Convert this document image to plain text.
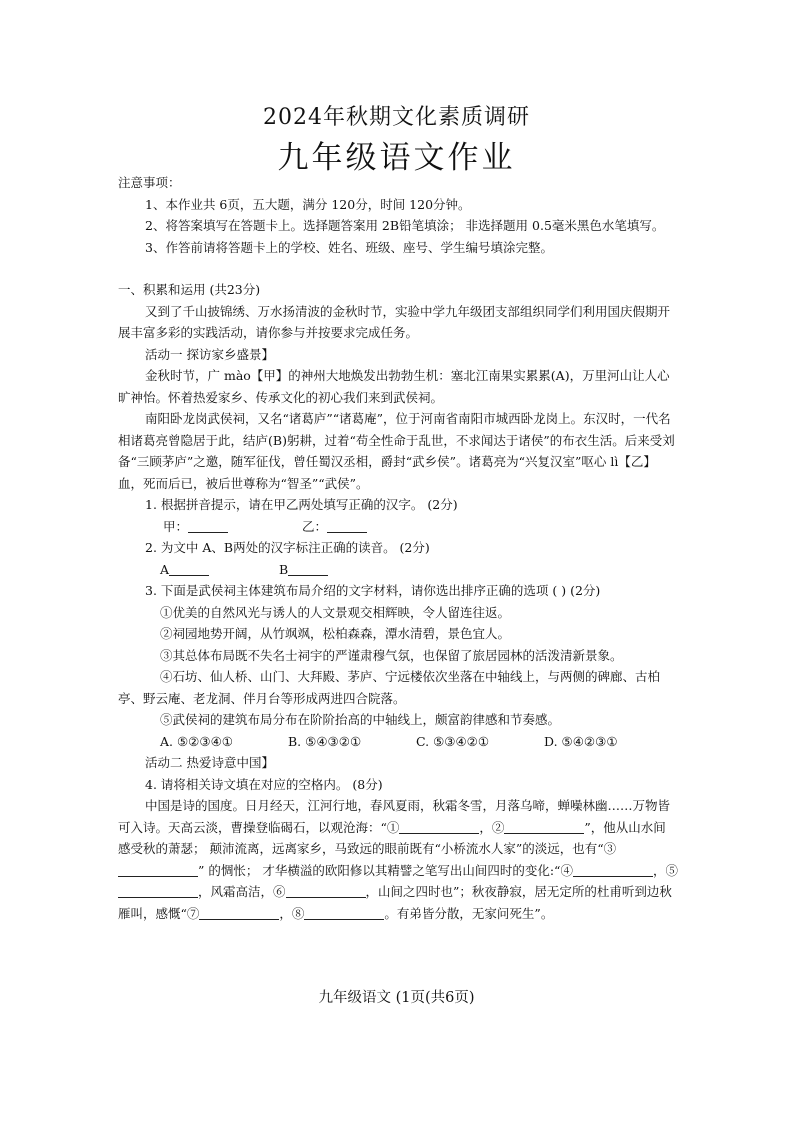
2024年秋期文化素质调研
九年级语文作业

注意事项：

1、本作业共 6页，五大题，满分 120分，时间 120分钟。

2、将答案填写在答题卡上。选择题答案用 2B铅笔填涂； 非选择题用 0.5毫米黑色水笔填写。

3、作答前请将答题卡上的学校、姓名、班级、座号、学生编号填涂完整。

一、积累和运用 (共23分)

又到了千山披锦绣、万水扬清波的金秋时节，实验中学九年级团支部组织同学们利用国庆假期开展丰富多彩的实践活动，请你参与并按要求完成任务。

活动一 探访家乡盛景】

金秋时节，广 mào【甲】的神州大地焕发出勃勃生机：塞北江南果实累累(A)，万里河山让人心旷神怡。怀着热爱家乡、传承文化的初心我们来到武侯祠。

南阳卧龙岗武侯祠，又名“诸葛庐”“诸葛庵”，位于河南省南阳市城西卧龙岗上。东汉时，一代名相诸葛亮曾隐居于此，结庐(B)躬耕，过着“苟全性命于乱世，不求闻达于诸侯”的布衣生活。后来受刘备“三顾茅庐”之邀，随军征伐，曾任蜀汉丞相，爵封“武乡侯”。诸葛亮为“兴复汉室”呕心 lì【乙】血，死而后已，被后世尊称为“智圣”“武侯”。

1. 根据拼音提示，请在甲乙两处填写正确的汉字。 (2分)

甲：	乙：

2. 为文中 A、B两处的汉字标注正确的读音。 (2分)

A	B

3. 下面是武侯祠主体建筑布局介绍的文字材料，请你选出排序正确的选项 ( ) (2分)

①优美的自然风光与诱人的人文景观交相辉映，令人留连往返。

②祠园地势开阔，从竹飒飒，松柏森森，潭水清碧，景色宜人。

③其总体布局既不失名士祠宇的严谨肃穆气氛，也保留了旅居园林的活泼清新景象。

④石坊、仙人桥、山门、大拜殿、茅庐、宁远楼依次坐落在中轴线上，与两侧的碑廊、古柏亭、野云庵、老龙洞、伴月台等形成两进四合院落。

⑤武侯祠的建筑布局分布在阶阶抬高的中轴线上，颇富韵律感和节奏感。

A. ⑤②③④①	B. ⑤④③②①	C. ⑤③④②①	D. ⑤④②③①

活动二 热爱诗意中国】

4. 请将相关诗文填在对应的空格内。 (8分)

中国是诗的国度。日月经天，江河行地，春风夏雨，秋霜冬雪，月落乌啼，蝉噪林幽……万物皆可入诗。天高云淡，曹操登临碣石，以观沧海：“①	，②	”，他从山水间感受秋的萧瑟； 颠沛流离，远离家乡，马致远的眼前既有“小桥流水人家”的淡远，也有“③” 的惆怅； 才华横溢的欧阳修以其精譬之笔写出山间四时的变化:“④	，⑤，风霜高洁，⑥	，山间之四时也”；秋夜静寂，居无定所的杜甫听到边秋雁叫，感慨“⑦	，⑧	。有弟皆分散，无家问死生”。

九年级语文 (1页(共6页)
